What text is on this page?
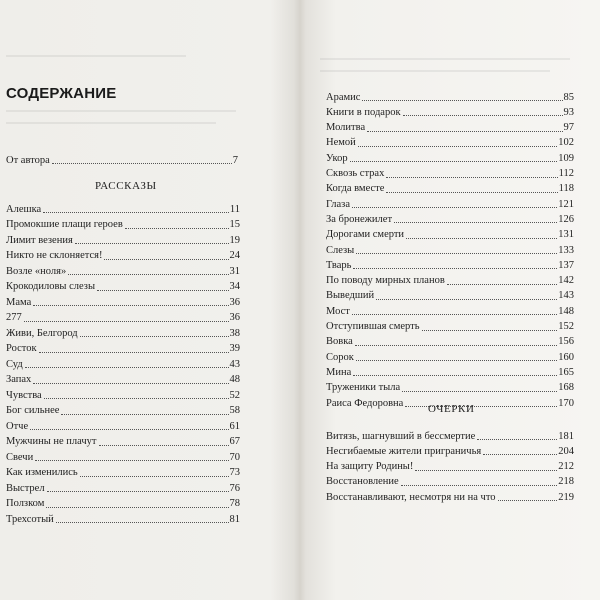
СОДЕРЖАНИЕ
От автора	7
РАССКАЗЫ
Алешка	11
Промокшие плащи героев	15
Лимит везения	19
Никто не склоняется!	24
Возле «ноля»	31
Крокодиловы слезы	34
Мама	36
277	36
Живи, Белгород	38
Росток	39
Суд	43
Запах	48
Чувства	52
Бог сильнее	58
Отче	61
Мужчины не плачут	67
Свечи	70
Как изменились	73
Выстрел	76
Ползком	78
Трехсотый	81
Арамис	85
Книги в подарок	93
Молитва	97
Немой	102
Укор	109
Сквозь страх	112
Когда вместе	118
Глаза	121
За бронежилет	126
Дорогами смерти	131
Слезы	133
Тварь	137
По поводу мирных планов	142
Выведший	143
Мост	148
Отступившая смерть	152
Вовка	156
Сорок	160
Мина	165
Труженики тыла	168
Раиса Федоровна	170
ОЧЕРКИ
Витязь, шагнувший в бессмертие	181
Несгибаемые жители приграничья	204
На защиту Родины!	212
Восстановление	218
Восстанавливают, несмотря ни на что	219
